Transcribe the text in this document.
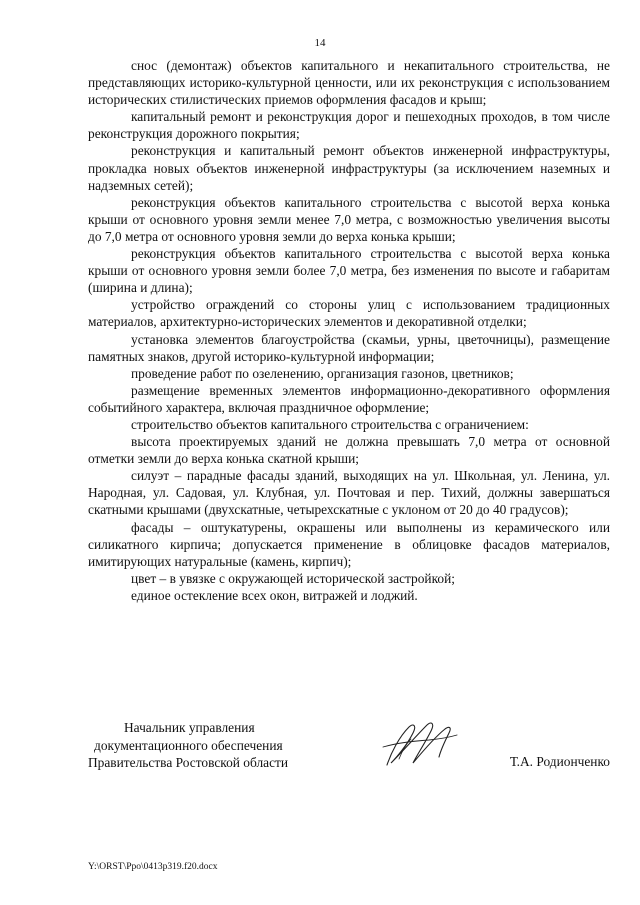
14

снос (демонтаж) объектов капитального и некапитального строительства, не представляющих историко-культурной ценности, или их реконструкция с использованием исторических стилистических приемов оформления фасадов и крыш;

капитальный ремонт и реконструкция дорог и пешеходных проходов, в том числе реконструкция дорожного покрытия;

реконструкция и капитальный ремонт объектов инженерной инфраструктуры, прокладка новых объектов инженерной инфраструктуры (за исключением наземных и надземных сетей);

реконструкция объектов капитального строительства с высотой верха конька крыши от основного уровня земли менее 7,0 метра, с возможностью увеличения высоты до 7,0 метра от основного уровня земли до верха конька крыши;

реконструкция объектов капитального строительства с высотой верха конька крыши от основного уровня земли более 7,0 метра, без изменения по высоте и габаритам (ширина и длина);

устройство ограждений со стороны улиц с использованием традиционных материалов, архитектурно-исторических элементов и декоративной отделки;

установка элементов благоустройства (скамьи, урны, цветочницы), размещение памятных знаков, другой историко-культурной информации;

проведение работ по озеленению, организация газонов, цветников;

размещение временных элементов информационно-декоративного оформления событийного характера, включая праздничное оформление;

строительство объектов капитального строительства с ограничением:

высота проектируемых зданий не должна превышать 7,0 метра от основной отметки земли до верха конька скатной крыши;

силуэт – парадные фасады зданий, выходящих на ул. Школьная, ул. Ленина, ул. Народная, ул. Садовая, ул. Клубная, ул. Почтовая и пер. Тихий, должны завершаться скатными крышами (двухскатные, четырехскатные с уклоном от 20 до 40 градусов);

фасады – оштукатурены, окрашены или выполнены из керамического или силикатного кирпича; допускается применение в облицовке фасадов материалов, имитирующих натуральные (камень, кирпич);

цвет – в увязке с окружающей исторической застройкой;

единое остекление всех окон, витражей и лоджий.

Начальник управления
документационного обеспечения
Правительства Ростовской области	Т.А. Родионченко
Y:\ORST\Ppo\0413p319.f20.docx
